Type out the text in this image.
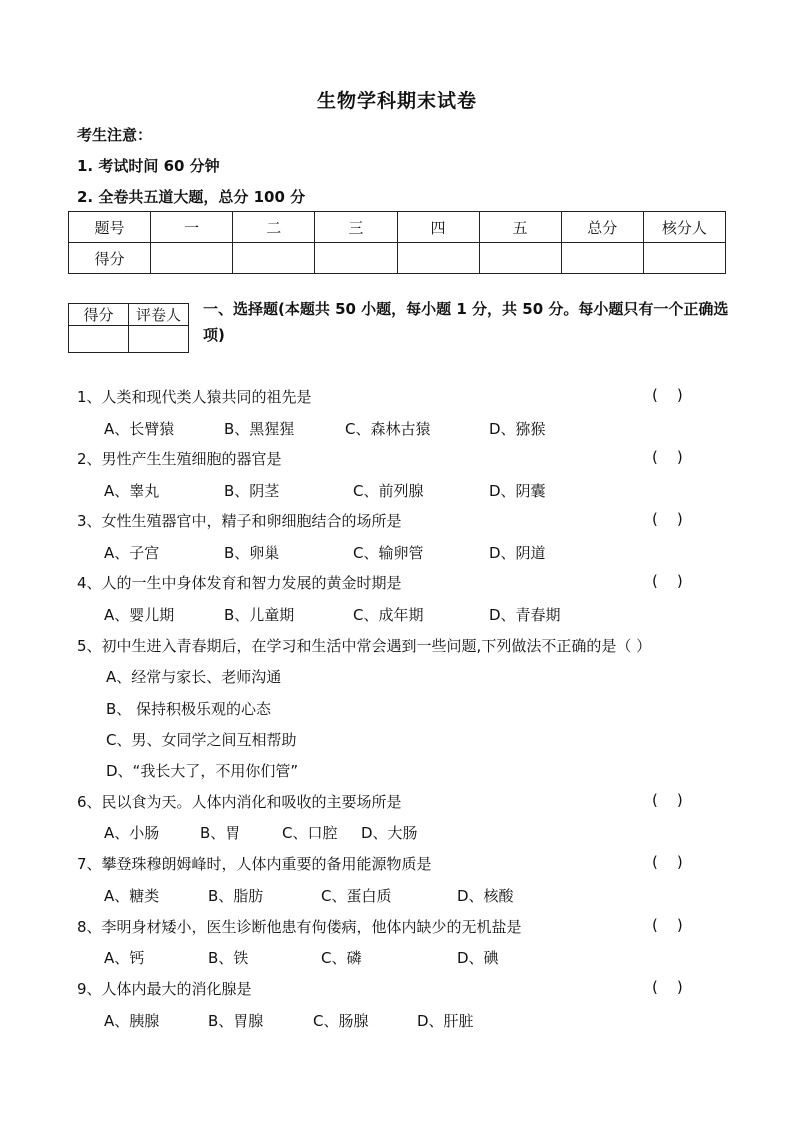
生物学科期末试卷
考生注意：
1. 考试时间 60 分钟
2. 全卷共五道大题，总分 100 分
题号	一	二	三	四	五	总分	核分人
得分							
得分	评卷人
	一、选择题(本题共 50 小题，每小题 1 分，共 50 分。每小题只有一个正确选项)
1、人类和现代类人猿共同的祖先是	(    )
A、长臂猿	B、黑猩猩	C、森林古猿	D、猕猴
2、男性产生生殖细胞的器官是	(    )
A、睾丸	B、阴茎	C、前列腺	D、阴囊
3、女性生殖器官中，精子和卵细胞结合的场所是	(    )
A、子宫	B、卵巢	C、输卵管	D、阴道
4、人的一生中身体发育和智力发展的黄金时期是	(    )
A、婴儿期	B、儿童期	C、成年期	D、青春期
5、初中生进入青春期后，在学习和生活中常会遇到一些问题,下列做法不正确的是（ ）
A、经常与家长、老师沟通
B、 保持积极乐观的心态
C、男、女同学之间互相帮助
D、“我长大了，不用你们管”
6、民以食为天。人体内消化和吸收的主要场所是	(    )
A、小肠	B、胃	C、口腔 D、大肠
7、攀登珠穆朗姆峰时，人体内重要的备用能源物质是	(    )
A、糖类	B、脂肪	C、蛋白质	D、核酸
8、李明身材矮小，医生诊断他患有佝偻病，他体内缺少的无机盐是	(    )
A、钙	B、铁	C、磷	D、碘
9、人体内最大的消化腺是	(    )
A、胰腺	B、胃腺	C、肠腺	D、肝脏
